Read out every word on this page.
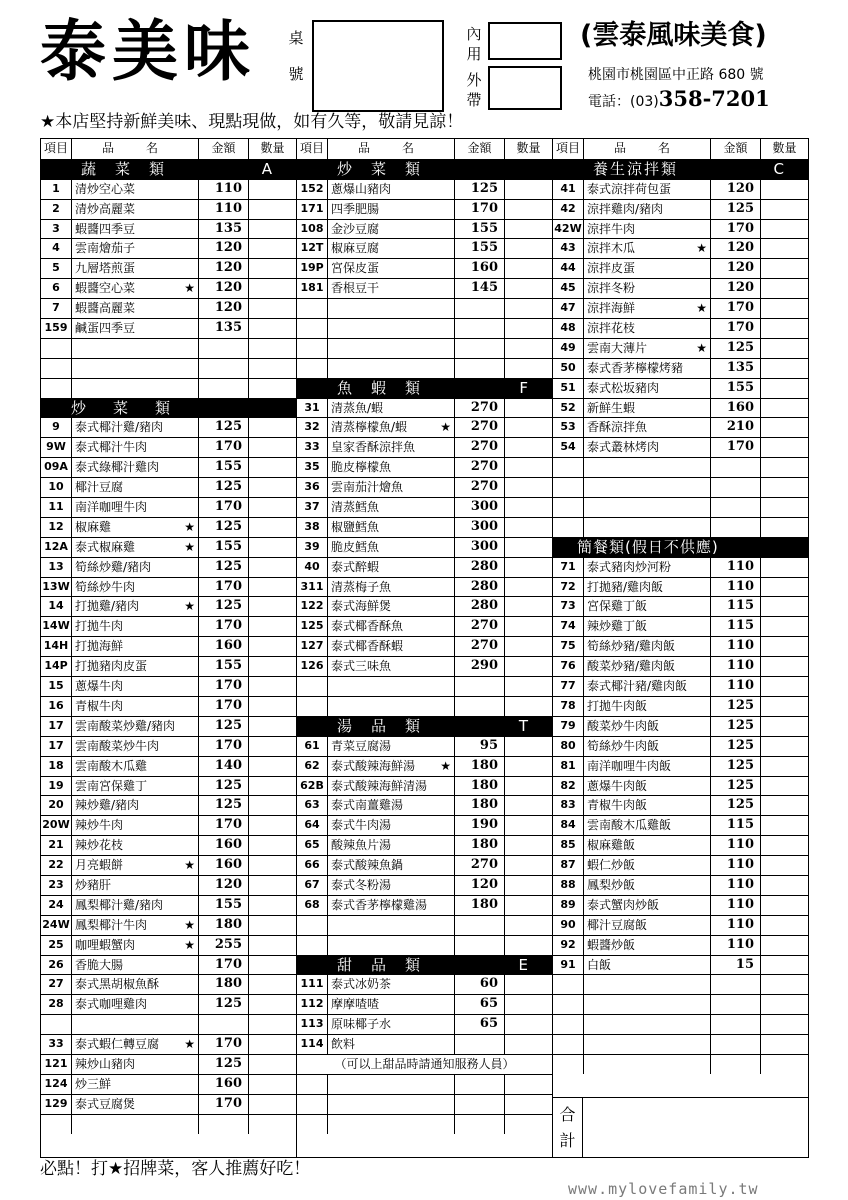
泰美味 桌
號
內
用
外
帶
(雲泰風味美食)
桃園市桃園區中正路 680 號
電話：(03)358-7201
★本店堅持新鮮美味、現點現做，如有久等，敬請見諒！
項目	品　名	金額	數量
蔬　菜　類	A
1	清炒空心菜	110
2	清炒高麗菜	110
3	蝦醬四季豆	135
4	雲南燴茄子	120
5	九層塔煎蛋	120
6	蝦醬空心菜	★	120
7	蝦醬高麗菜	120
159 鹹蛋四季豆	135
炒　菜　類
9	泰式椰汁雞/豬肉	125
9W 泰式椰汁牛肉	170
09A 泰式綠椰汁雞肉	155
10 椰汁豆腐	125
11 南洋咖哩牛肉	170
12 椒麻雞	★	125
12A 泰式椒麻雞	★	155
13 筍絲炒雞/豬肉	125
13W 筍絲炒牛肉	170
14 打拋雞/豬肉	★	125
14W 打拋牛肉	170
14H 打拋海鮮	160
14P 打拋豬肉皮蛋	155
15 蔥爆牛肉	170
16 青椒牛肉	170
17 雲南酸菜炒雞/豬肉	125
17 雲南酸菜炒牛肉	170
18 雲南酸木瓜雞	140
19 雲南宮保雞丁	125
20 辣炒雞/豬肉	125
20W 辣炒牛肉	170
21 辣炒花枝	160
22 月亮蝦餅	★	160
23 炒豬肝	120
24 鳳梨椰汁雞/豬肉	155
24W 鳳梨椰汁牛肉	★	180
25 咖哩蝦蟹肉	★	255
26 香脆大腸	170
27 泰式黑胡椒魚酥	180
28 泰式咖哩雞肉	125
33 泰式蝦仁轉豆腐 ★	170
121 辣炒山豬肉	125
124 炒三鮮	160
129 泰式豆腐煲	170
項目	品　名	金額	數量
炒　菜　類
152 蔥爆山豬肉	125
171 四季肥腸	170
108 金沙豆腐	155
12T 椒麻豆腐	155
19P 宮保皮蛋	160
181 香根豆干	145
魚　蝦　類	F
31 清蒸魚/蝦	270
32 清蒸檸檬魚/蝦	★	270
33 皇家香酥涼拌魚	270
35 脆皮檸檬魚	270
36 雲南茄汁燴魚	270
37 清蒸鱈魚	300
38 椒鹽鱈魚	300
39 脆皮鱈魚	300
40 泰式醉蝦	280
311 清蒸梅子魚	280
122 泰式海鮮煲	280
125 泰式椰香酥魚	270
127 泰式椰香酥蝦	270
126 泰式三味魚	290
湯　品　類	T
61 青菜豆腐湯	95
62 泰式酸辣海鮮湯 ★	180
62B 泰式酸辣海鮮清湯	180
63 泰式南薑雞湯	180
64 泰式牛肉湯	190
65 酸辣魚片湯	180
66 泰式酸辣魚鍋	270
67 泰式冬粉湯	120
68 泰式香茅檸檬雞湯	180
甜　品　類	E
111 泰式冰奶茶	60
112 摩摩喳喳	65
113 原味椰子水	65
114 飲料
（可以上甜品時請通知服務人員）
項目	品　名	金額	數量
養生涼拌類	C
41 泰式涼拌荷包蛋	120
42 涼拌雞肉/豬肉	125
42W 涼拌牛肉	170
43 涼拌木瓜	★	120
44 涼拌皮蛋	120
45 涼拌冬粉	120
47 涼拌海鮮	★	170
48 涼拌花枝	170
49 雲南大薄片	★	125
50 泰式香茅檸檬烤豬	135
51 泰式松坂豬肉	155
52 新鮮生蝦	160
53 香酥涼拌魚	210
54 泰式叢林烤肉	170
簡餐類(假日不供應)
71 泰式豬肉炒河粉	110
72 打拋豬/雞肉飯	110
73 宮保雞丁飯	115
74 辣炒雞丁飯	115
75 筍絲炒豬/雞肉飯	110
76 酸菜炒豬/雞肉飯	110
77 泰式椰汁豬/雞肉飯	110
78 打拋牛肉飯	125
79 酸菜炒牛肉飯	125
80 筍絲炒牛肉飯	125
81 南洋咖哩牛肉飯	125
82 蔥爆牛肉飯	125
83 青椒牛肉飯	125
84 雲南酸木瓜雞飯	115
85 椒麻雞飯	110
87 蝦仁炒飯	110
88 鳳梨炒飯	110
89 泰式蟹肉炒飯	110
90 椰汁豆腐飯	110
92 蝦醬炒飯	110
91 白飯	15
合
計
必點！打★招牌菜，客人推薦好吃！
www.mylovefamily.tw
